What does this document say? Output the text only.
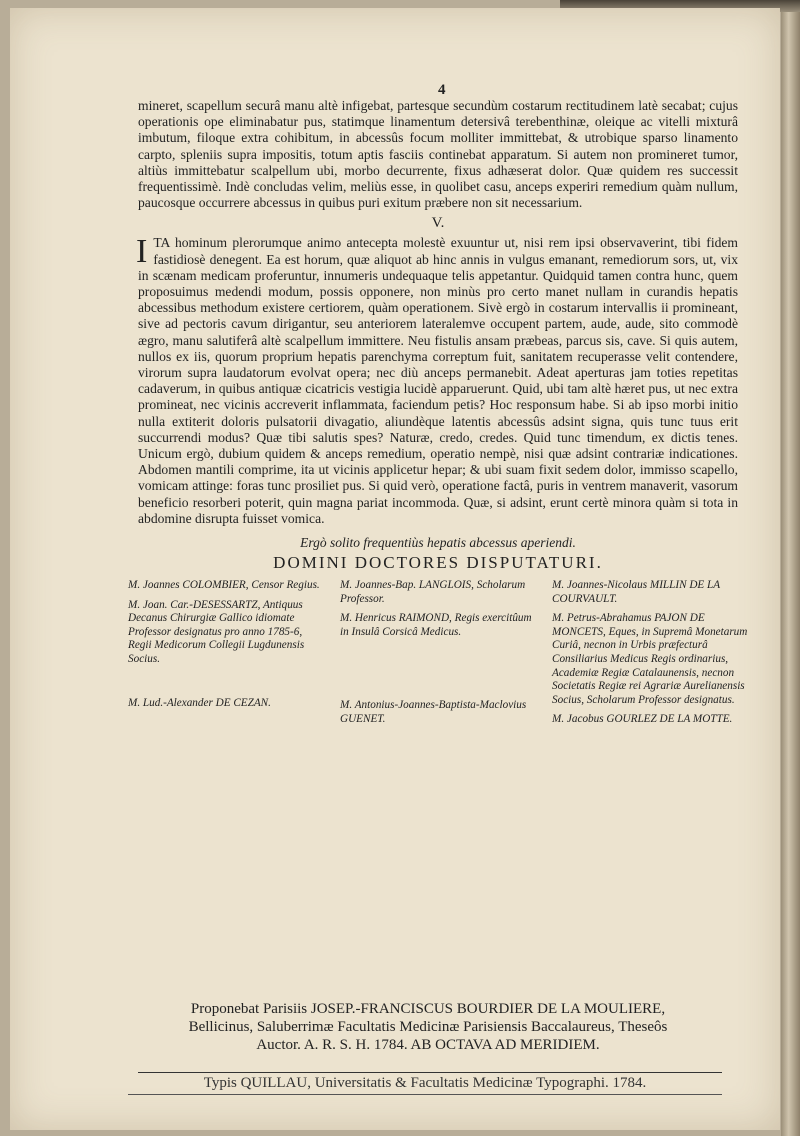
4

mineret, scapellum securâ manu altè infigebat, partesque secundùm costarum rectitudinem latè secabat; cujus operationis ope eliminabatur pus, statimque linamentum detersivâ terebenthinæ, oleique ac vitelli mixturâ imbutum, filoque extra cohibitum, in abcessûs focum molliter immittebat, & utrobique sparso linamento carpto, spleniis supra impositis, totum aptis fasciis continebat apparatum. Si autem non promineret tumor, altiùs immittebatur scalpellum ubi, morbo decurrente, fixus adhæserat dolor. Quæ quidem res successit frequentissimè. Indè concludas velim, meliùs esse, in quolibet casu, anceps experiri remedium quàm nullum, paucosque occurrere abcessus in quibus puri exitum præbere non sit necessarium.

V.

ITA hominum plerorumque animo antecepta molestè exuuntur ut, nisi rem ipsi observaverint, tibi fidem fastidiosè denegent. Ea est horum, quæ aliquot ab hinc annis in vulgus emanant, remediorum sors, ut, vix in scænam medicam proferuntur, innumeris undequaque telis appetantur. Quidquid tamen contra hunc, quem proposuimus medendi modum, possis opponere, non minùs pro certo manet nullam in curandis hepatis abcessibus methodum existere certiorem, quàm operationem. Sivè ergò in costarum intervallis ii promineant, sive ad pectoris cavum dirigantur, seu anteriorem lateralemve occupent partem, aude, aude, sito commodè ægro, manu salutiferâ altè scalpellum immittere. Neu fistulis ansam præbeas, parcus sis, cave. Si quis autem, nullos ex iis, quorum proprium hepatis parenchyma correptum fuit, sanitatem recuperasse velit contendere, virorum supra laudatorum evolvat opera; nec diù anceps permanebit. Adeat aperturas jam toties repetitas cadaverum, in quibus antiquæ cicatricis vestigia lucidè apparuerunt. Quid, ubi tam altè hæret pus, ut nec extra promineat, nec vicinis accreverit inflammata, faciendum petis? Hoc responsum habe. Si ab ipso morbi initio nulla extiterit doloris pulsatorii divagatio, aliundèque latentis abcessûs adsint signa, quis tunc tuus erit succurrendi modus? Quæ tibi salutis spes? Naturæ, credo, credes. Quid tunc timendum, ex dictis tenes. Unicum ergò, dubium quidem & anceps remedium, operatio nempè, nisi quæ adsint contrariæ indicationes. Abdomen mantili comprime, ita ut vicinis applicetur hepar; & ubi suam fixit sedem dolor, immisso scapello, vomicam attinge: foras tunc prosiliet pus. Si quid verò, operatione factâ, puris in ventrem manaverit, vasorum beneficio resorberi poterit, quin magna pariat incommoda. Quæ, si adsint, erunt certè minora quàm si tota in abdomine disrupta fuisset vomica.

Ergò solito frequentiùs hepatis abcessus aperiendi.
DOMINI DOCTORES DISPUTATURI.
M. Joannes COLOMBIER, Censor Regius.
M. Joan. Car.-DESESSARTZ, Antiquus Decanus Chirurgiæ Gallico idiomate Professor designatus pro anno 1785-6, Regii Medicorum Collegii Lugdunensis Socius.
M. Lud.-Alexander DE CEZAN.
M. Joannes-Bap. LANGLOIS, Scholarum Professor.
M. Henricus RAIMOND, Regis exercitûum in Insulâ Corsicâ Medicus.
M. Antonius-Joannes-Baptista-Maclovius GUENET.
M. Joannes-Nicolaus MILLIN DE LA COURVAULT.
M. Petrus-Abrahamus PAJON DE MONCETS, Eques, in Supremâ Monetarum Curiâ, necnon in Urbis præfecturâ Consiliarius Medicus Regis ordinarius, Academiæ Regiæ Catalaunensis, necnon Societatis Regiæ rei Agrariæ Aurelianensis Socius, Scholarum Professor designatus.
M. Jacobus GOURLEZ DE LA MOTTE.
Proponebat Parisiis JOSEP.-FRANCISCUS BOURDIER DE LA MOULIERE,
Bellicinus, Saluberrimæ Facultatis Medicinæ Parisiensis Baccalaureus, Theseôs
Auctor. A. R. S. H. 1784. AB OCTAVA AD MERIDIEM.
Typis QUILLAU, Universitatis & Facultatis Medicinæ Typographi. 1784.
